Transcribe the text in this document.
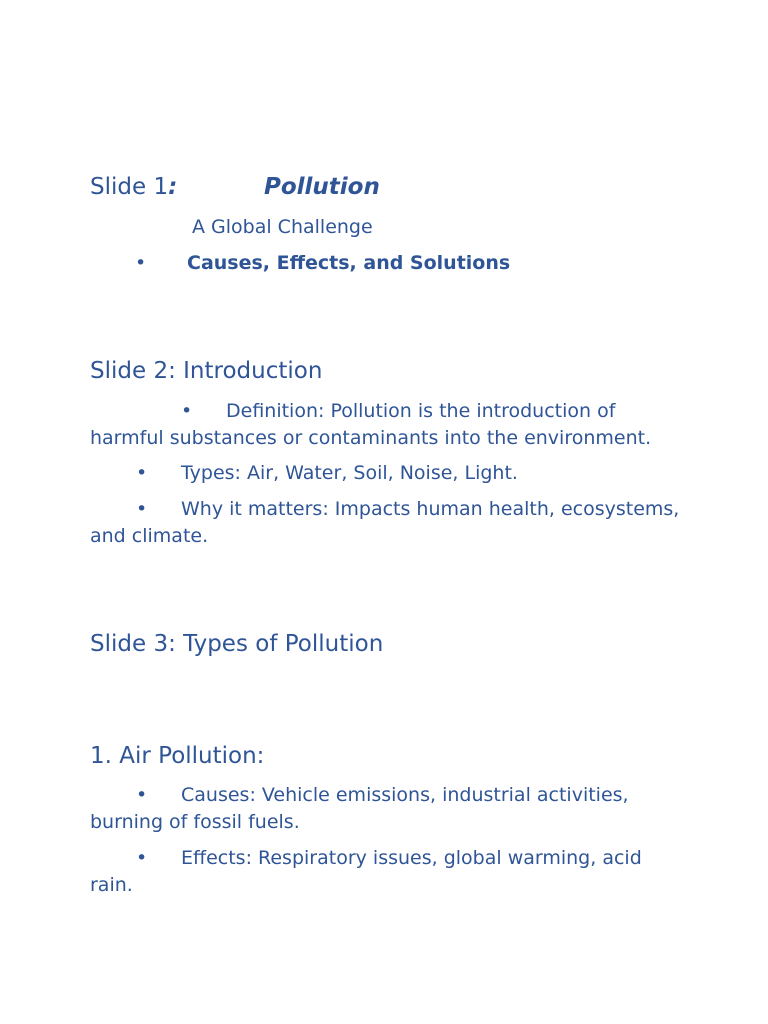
Slide 1:	Pollution
A Global Challenge
• Causes, Effects, and Solutions
Slide 2: Introduction
• Definition: Pollution is the introduction of harmful substances or contaminants into the environment.
• Types: Air, Water, Soil, Noise, Light.
• Why it matters: Impacts human health, ecosystems, and climate.
Slide 3: Types of Pollution
1. Air Pollution:
• Causes: Vehicle emissions, industrial activities, burning of fossil fuels.
• Effects: Respiratory issues, global warming, acid rain.
